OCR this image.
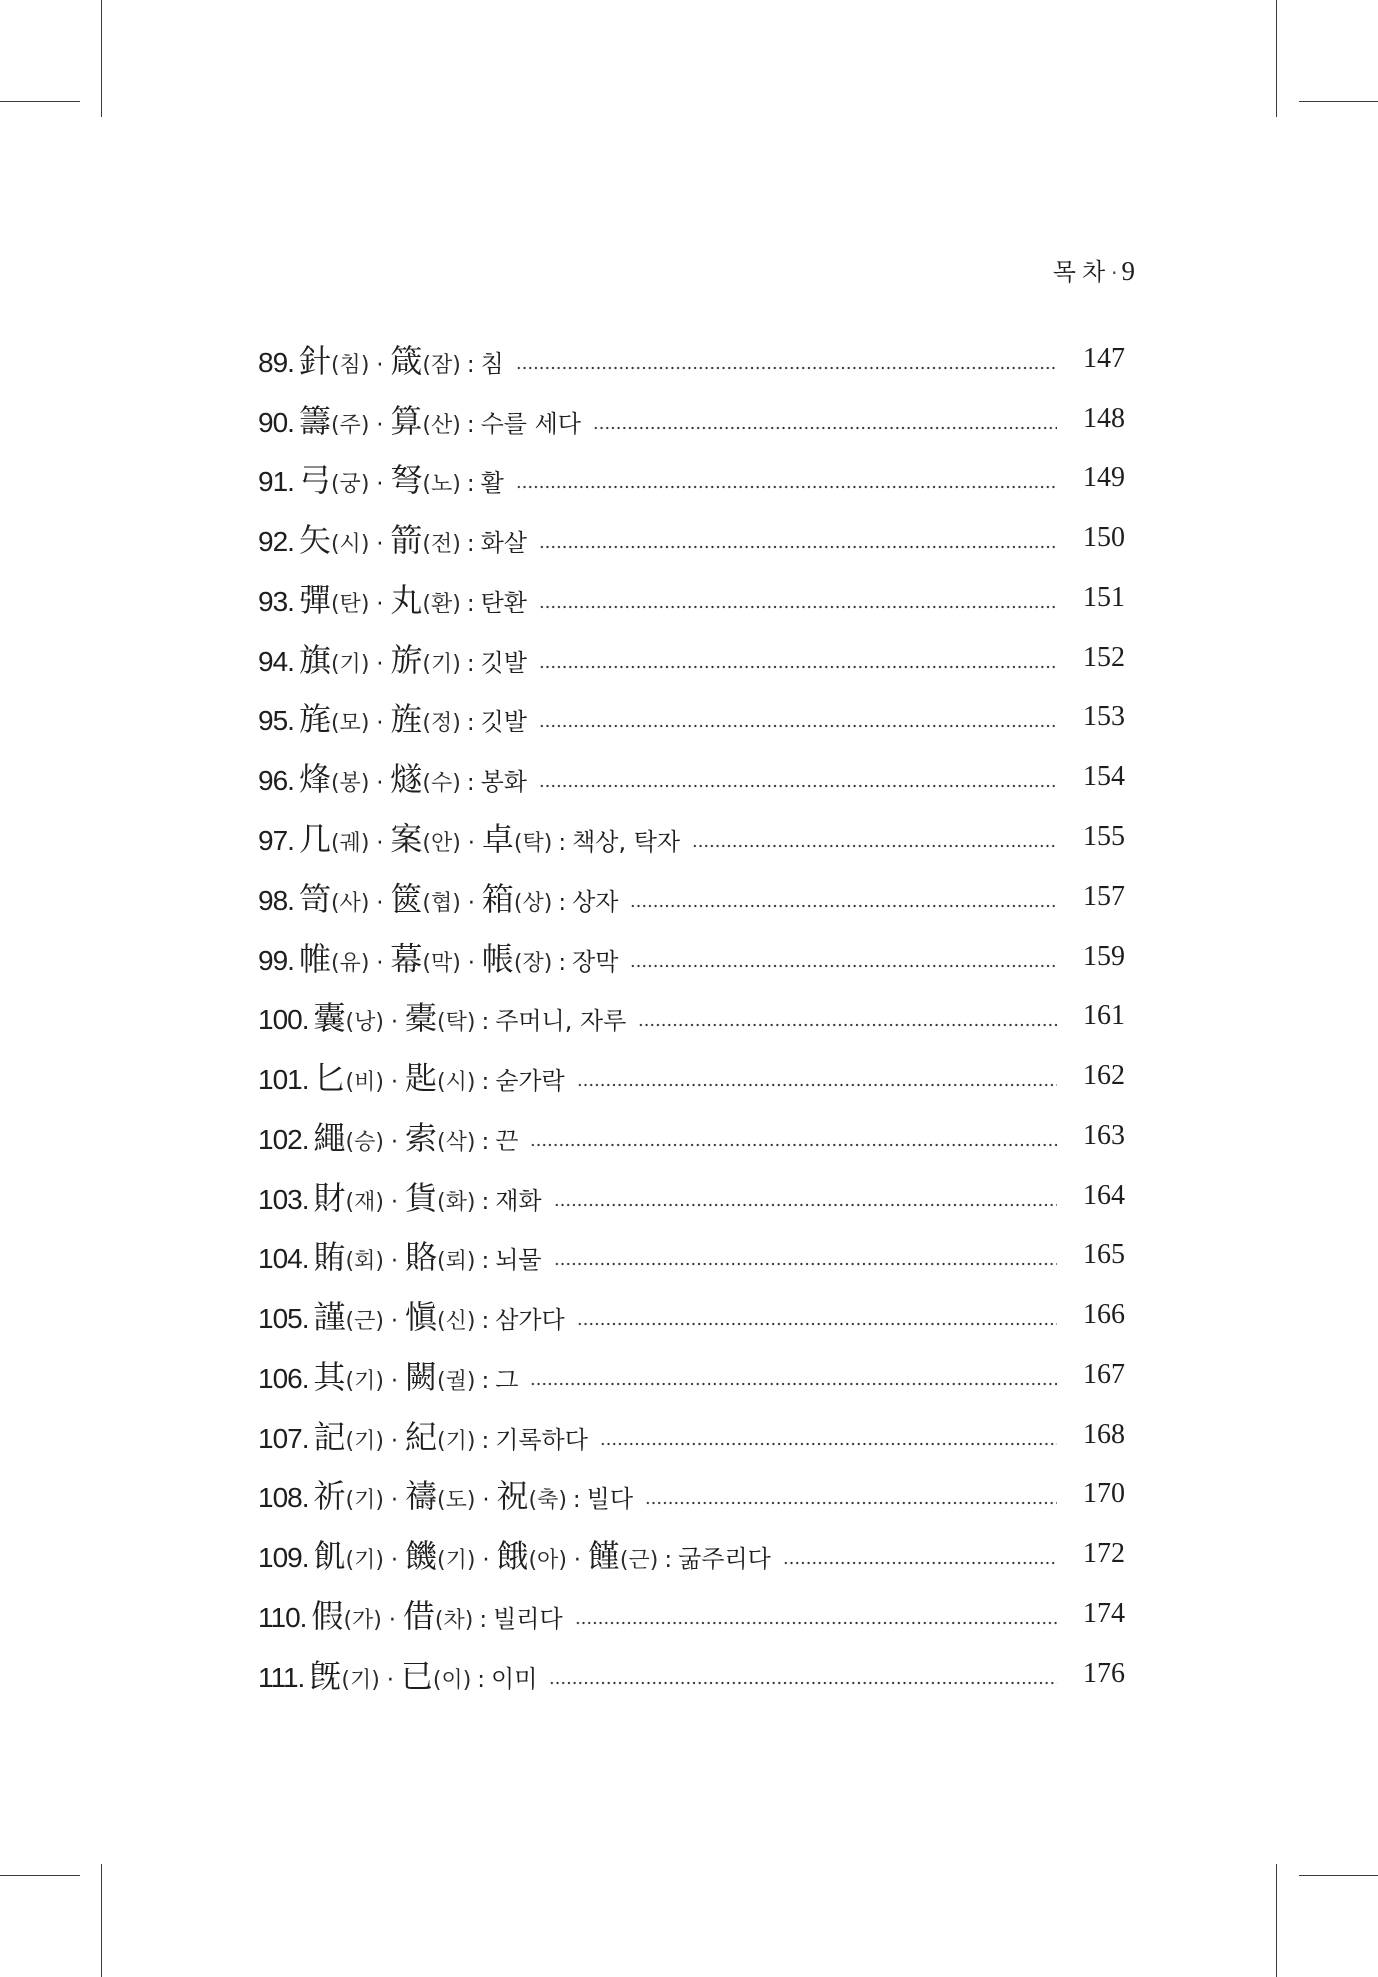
목차 · 9
89. 針 ( 침 ) · 箴 ( 잠 ) : 침	147
90. 籌 ( 주 ) · 算 ( 산 ) : 수를 세다	148
91. 弓 ( 궁 ) · 弩 ( 노 ) : 활	149
92. 矢 ( 시 ) · 箭 ( 전 ) : 화살	150
93. 彈 ( 탄 ) · 丸 ( 환 ) : 탄환	151
94. 旗 ( 기 ) · 旂 ( 기 ) : 깃발	152
95. 旄 ( 모 ) · 旌 ( 정 ) : 깃발	153
96. 烽 ( 봉 ) · 燧 ( 수 ) : 봉화	154
97. 几 ( 궤 ) · 案 ( 안 ) · 卓 ( 탁 ) : 책상, 탁자	155
98. 笥 ( 사 ) · 篋 ( 협 ) · 箱 ( 상 ) : 상자	157
99. 帷 ( 유 ) · 幕 ( 막 ) · 帳 ( 장 ) : 장막	159
100. 囊 ( 낭 ) · 橐 ( 탁 ) : 주머니, 자루	161
101. 匕 ( 비 ) · 匙 ( 시 ) : 숟가락	162
102. 繩 ( 승 ) · 索 ( 삭 ) : 끈	163
103. 財 ( 재 ) · 貨 ( 화 ) : 재화	164
104. 賄 ( 회 ) · 賂 ( 뢰 ) : 뇌물	165
105. 謹 ( 근 ) · 愼 ( 신 ) : 삼가다	166
106. 其 ( 기 ) · 闕 ( 궐 ) : 그	167
107. 記 ( 기 ) · 紀 ( 기 ) : 기록하다	168
108. 祈 ( 기 ) · 禱 ( 도 ) · 祝 ( 축 ) : 빌다	170
109. 飢 ( 기 ) · 饑 ( 기 ) · 餓 ( 아 ) · 饉 ( 근 ) : 굶주리다	172
110. 假 ( 가 ) · 借 ( 차 ) : 빌리다	174
111. 旣 ( 기 ) · 已 ( 이 ) : 이미	176
